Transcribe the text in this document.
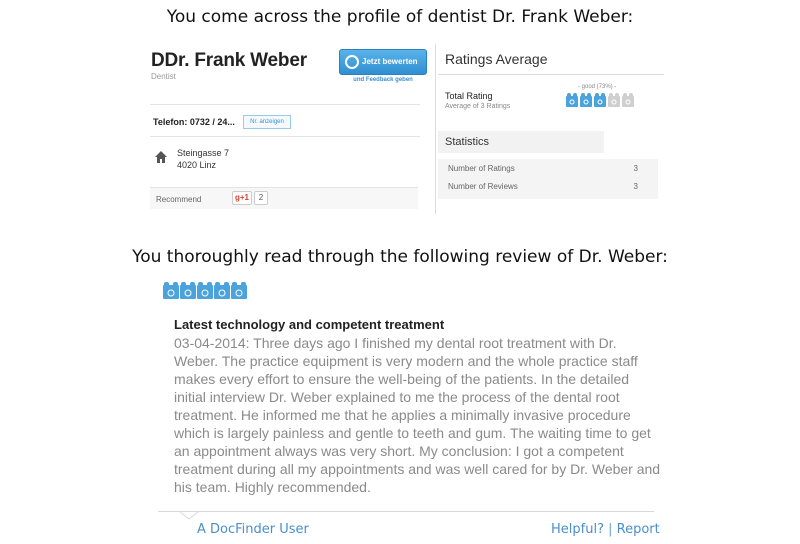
You come across the profile of dentist Dr. Frank Weber:
DDr. Frank Weber
Dentist
Jetzt bewerten
und Feedback geben
Telefon: 0732 / 24...	Nr. anzeigen
Steingasse 7
4020 Linz
Recommend	g+1	2
Ratings Average
- good (73%) -
Total Rating
Average of 3 Ratings
Statistics
Number of Ratings	3
Number of Reviews	3
You thoroughly read through the following review of Dr. Weber:
Latest technology and competent treatment
03-04-2014: Three days ago I finished my dental root treatment with Dr. Weber. The practice equipment is very modern and the whole practice staff makes every effort to ensure the well-being of the patients. In the detailed initial interview Dr. Weber explained to me the process of the dental root treatment. He informed me that he applies a minimally invasive procedure which is largely painless and gentle to teeth and gum. The waiting time to get an appointment always was very short. My conclusion: I got a competent treatment during all my appointments and was well cared for by Dr. Weber and his team. Highly recommended.
A DocFinder User	Helpful? | Report
